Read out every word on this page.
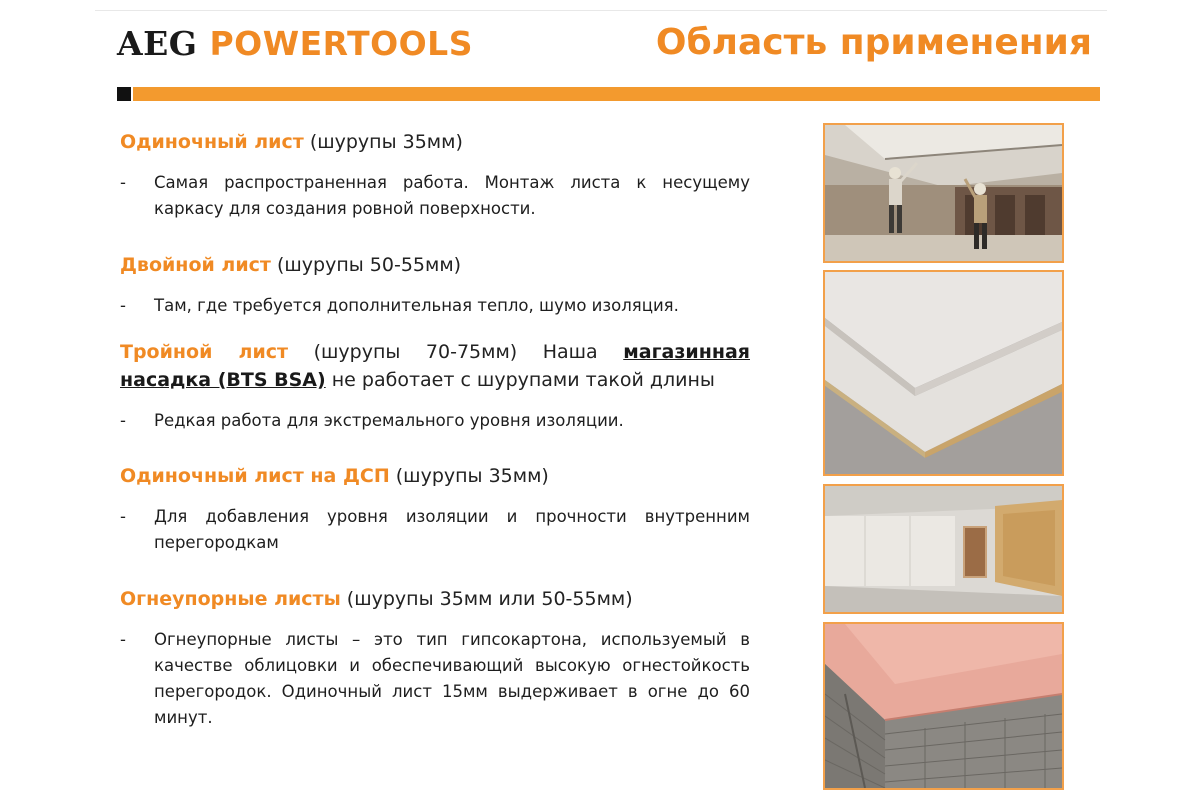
AEG POWERTOOLS	Область применения
Одиночный лист (шурупы 35мм)
-	Самая распространенная работа. Монтаж листа к несущему каркасу для создания ровной поверхности.
Двойной лист (шурупы 50-55мм)
-	Там, где требуется дополнительная тепло, шумо изоляция.
Тройной лист (шурупы 70-75мм) Наша магазинная насадка (BTS BSA) не работает с шурупами такой длины
-	Редкая работа для экстремального уровня изоляции.
Одиночный лист на ДСП (шурупы 35мм)
-	Для добавления уровня изоляции и прочности внутренним перегородкам
Огнеупорные листы (шурупы 35мм или 50-55мм)
-	Огнеупорные листы – это тип гипсокартона, используемый в качестве облицовки и обеспечивающий высокую огнестойкость перегородок. Одиночный лист 15мм выдерживает в огне до 60 минут.
